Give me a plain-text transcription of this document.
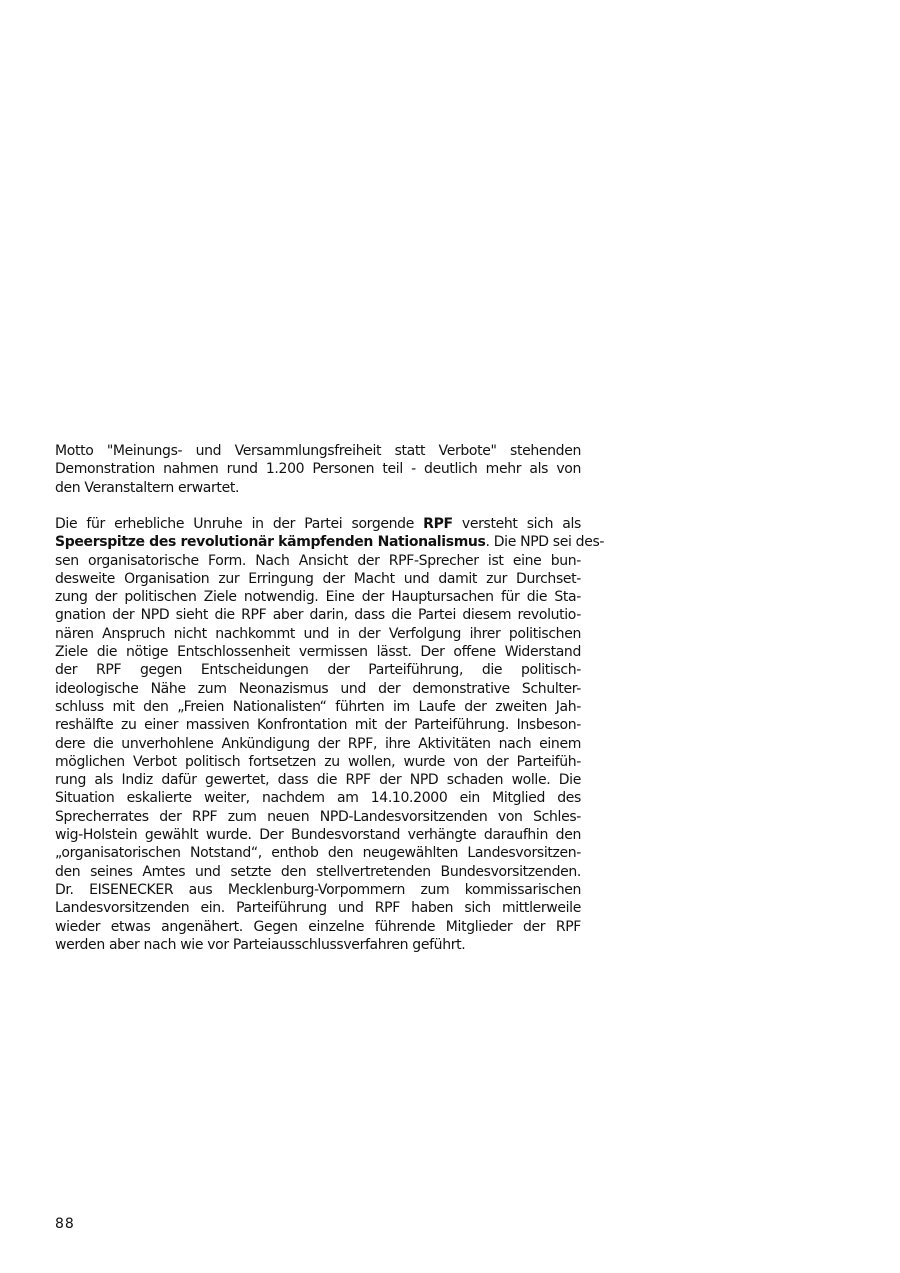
Motto "Meinungs- und Versammlungsfreiheit statt Verbote" stehenden
Demonstration nahmen rund 1.200 Personen teil - deutlich mehr als von
den Veranstaltern erwartet.
Die für erhebliche Unruhe in der Partei sorgende RPF versteht sich als
Speerspitze des revolutionär kämpfenden Nationalismus. Die NPD sei des-
sen organisatorische Form. Nach Ansicht der RPF-Sprecher ist eine bun-
desweite Organisation zur Erringung der Macht und damit zur Durchset-
zung der politischen Ziele notwendig. Eine der Hauptursachen für die Sta-
gnation der NPD sieht die RPF aber darin, dass die Partei diesem revolutio-
nären Anspruch nicht nachkommt und in der Verfolgung ihrer politischen
Ziele die nötige Entschlossenheit vermissen lässt. Der offene Widerstand
der RPF gegen Entscheidungen der Parteiführung, die politisch-
ideologische Nähe zum Neonazismus und der demonstrative Schulter-
schluss mit den „Freien Nationalisten“ führten im Laufe der zweiten Jah-
reshälfte zu einer massiven Konfrontation mit der Parteiführung. Insbeson-
dere die unverhohlene Ankündigung der RPF, ihre Aktivitäten nach einem
möglichen Verbot politisch fortsetzen zu wollen, wurde von der Parteifüh-
rung als Indiz dafür gewertet, dass die RPF der NPD schaden wolle. Die
Situation eskalierte weiter, nachdem am 14.10.2000 ein Mitglied des
Sprecherrates der RPF zum neuen NPD-Landesvorsitzenden von Schles-
wig-Holstein gewählt wurde. Der Bundesvorstand verhängte daraufhin den
„organisatorischen Notstand“, enthob den neugewählten Landesvorsitzen-
den seines Amtes und setzte den stellvertretenden Bundesvorsitzenden.
Dr. EISENECKER aus Mecklenburg-Vorpommern zum kommissarischen
Landesvorsitzenden ein. Parteiführung und RPF haben sich mittlerweile
wieder etwas angenähert. Gegen einzelne führende Mitglieder der RPF
werden aber nach wie vor Parteiausschlussverfahren geführt.
88
